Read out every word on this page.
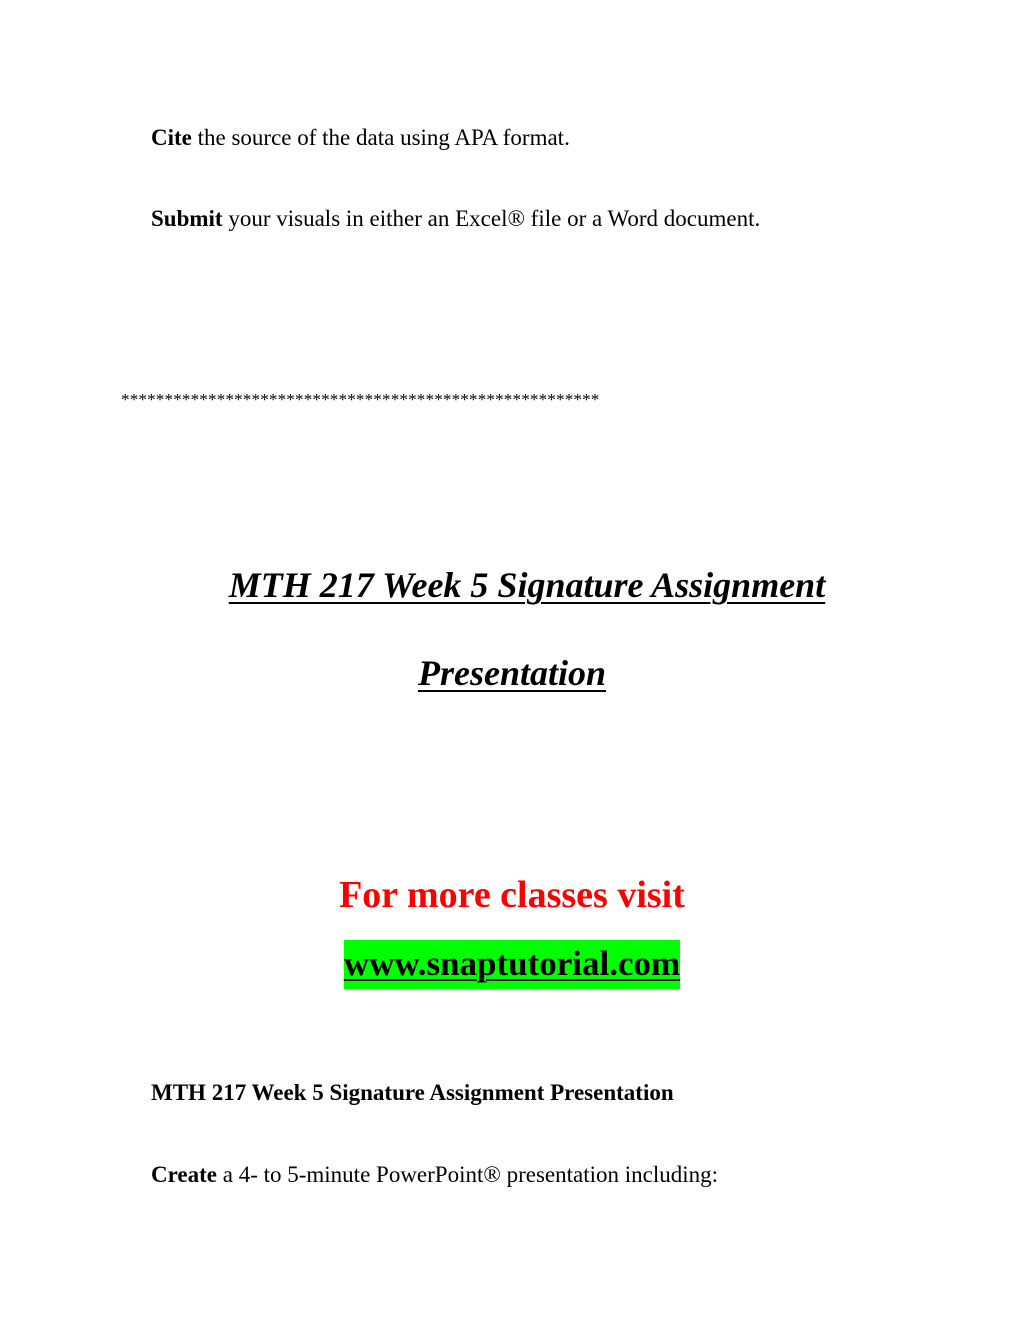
Cite the source of the data using APA format.
Submit your visuals in either an Excel® file or a Word document.
*******************************************************
MTH 217 Week 5 Signature Assignment
Presentation
For more classes visit
www.snaptutorial.com
MTH 217 Week 5 Signature Assignment Presentation
Create a 4- to 5-minute PowerPoint® presentation including:
